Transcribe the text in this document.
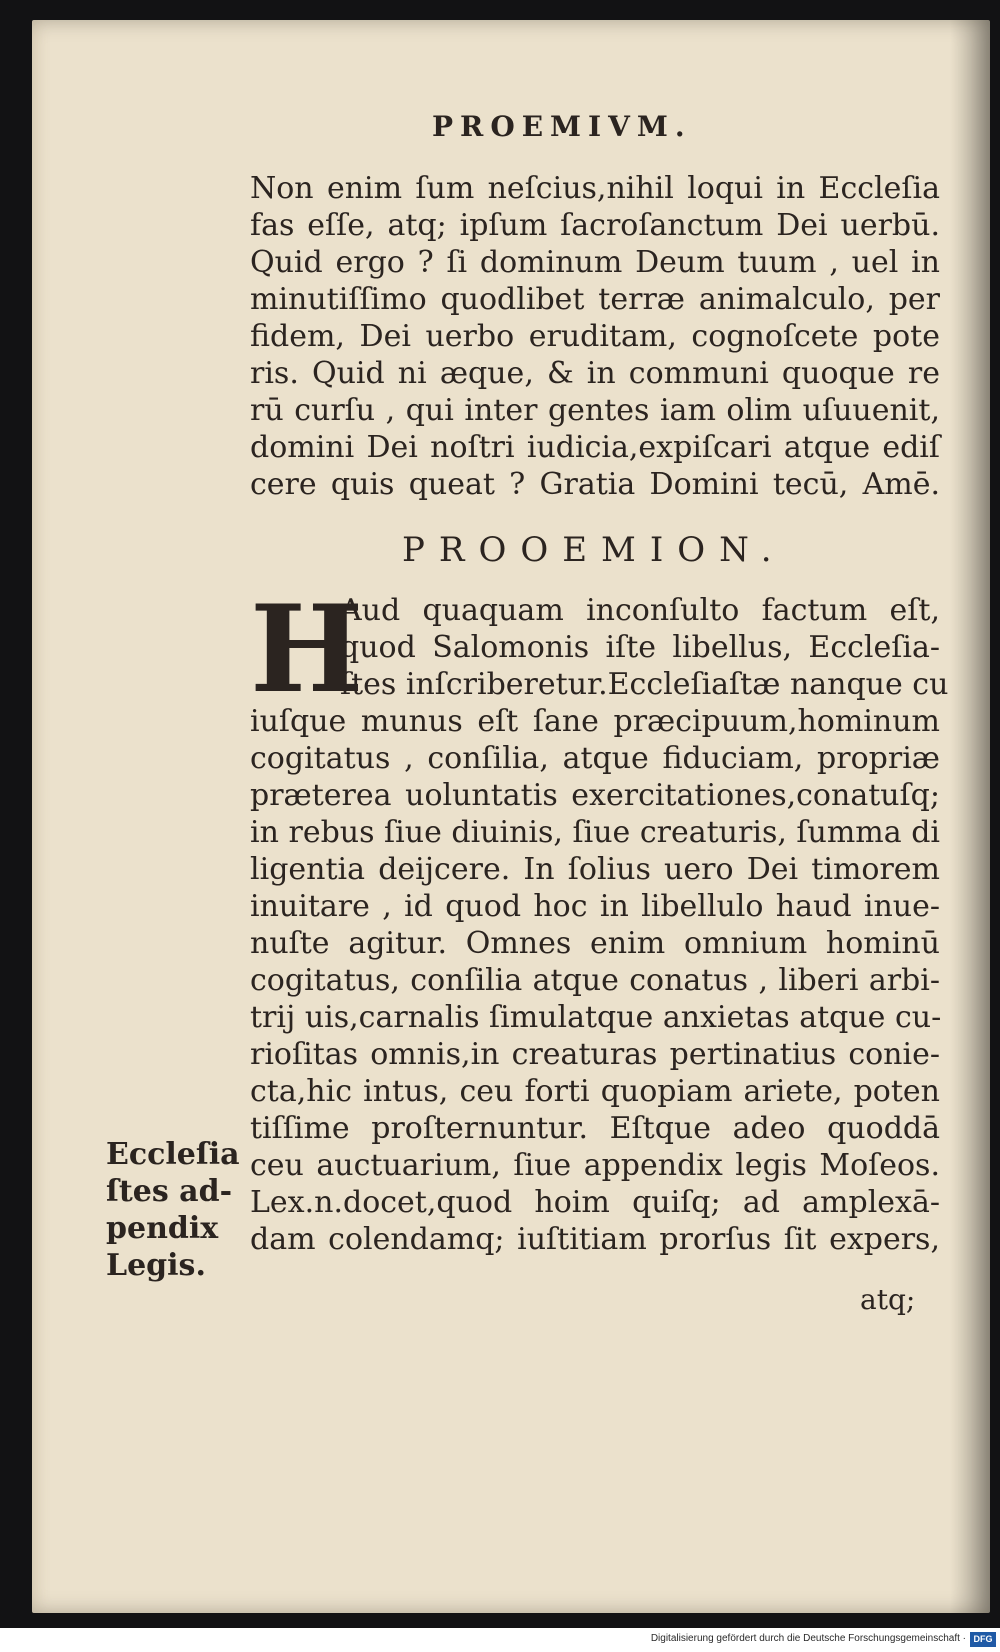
PROEMIVM.
Non enim ſum neſcius,nihil loqui in Eccleſia
fas eſſe, atq; ipſum ſacroſanctum Dei uerbū.
Quid ergo ? ſi dominum Deum tuum , uel in
minutiſſimo quodlibet terræ animalculo, per
fidem, Dei uerbo eruditam, cognoſcete pote
ris. Quid ni æque, & in communi quoque re
rū curſu , qui inter gentes iam olim uſuuenit,
domini Dei noſtri iudicia,expiſcari atque ediſ
cere quis queat ? Gratia Domini tecū, Amē.
PROOEMION.
H
Aud quaquam inconſulto factum eſt,
quod Salomonis iſte libellus, Eccleſia-
ſtes inſcriberetur.Eccleſiaſtæ nanque cu
iuſque munus eſt ſane præcipuum,hominum
cogitatus , conſilia, atque fiduciam, propriæ
præterea uoluntatis exercitationes,conatuſq;
in rebus ſiue diuinis, ſiue creaturis, ſumma di
ligentia deijcere. In ſolius uero Dei timorem
inuitare , id quod hoc in libellulo haud inue-
nuſte agitur. Omnes enim omnium hominū
cogitatus, conſilia atque conatus , liberi arbi-
trij uis,carnalis ſimulatque anxietas atque cu-
rioſitas omnis,in creaturas pertinatius conie-
cta,hic intus, ceu forti quopiam ariete, poten
tiſſime proſternuntur. Eſtque adeo quoddā
ceu auctuarium, ſiue appendix legis Moſeos.
Lex.n.docet,quod hoim quiſq; ad amplexā-
dam colendamq; iuſtitiam prorſus ſit expers,
atq;
Eccleſia
ſtes ad-
pendix
Legis.
Digitalisierung gefördert durch die Deutsche Forschungsgemeinschaft · DFG
